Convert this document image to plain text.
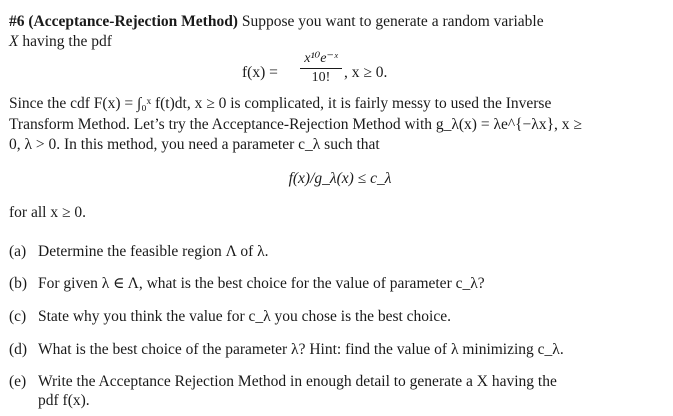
#6 (Acceptance-Rejection Method) Suppose you want to generate a random variable
X having the pdf
f(x) =
x¹⁰e⁻ˣ
10! , x ≥ 0.
Since the cdf F(x) = ∫₀ˣ f(t)dt, x ≥ 0 is complicated, it is fairly messy to used the Inverse
Transform Method. Let’s try the Acceptance-Rejection Method with g_λ(x) = λe^{−λx}, x ≥
0, λ > 0. In this method, you need a parameter c_λ such that
f(x)/g_λ(x) ≤ c_λ
for all x ≥ 0.
(a) Determine the feasible region Λ of λ.
(b) For given λ ∈ Λ, what is the best choice for the value of parameter c_λ?
(c) State why you think the value for c_λ you chose is the best choice.
(d) What is the best choice of the parameter λ? Hint: find the value of λ minimizing c_λ.
(e) Write the Acceptance Rejection Method in enough detail to generate a X having the
pdf f(x).
